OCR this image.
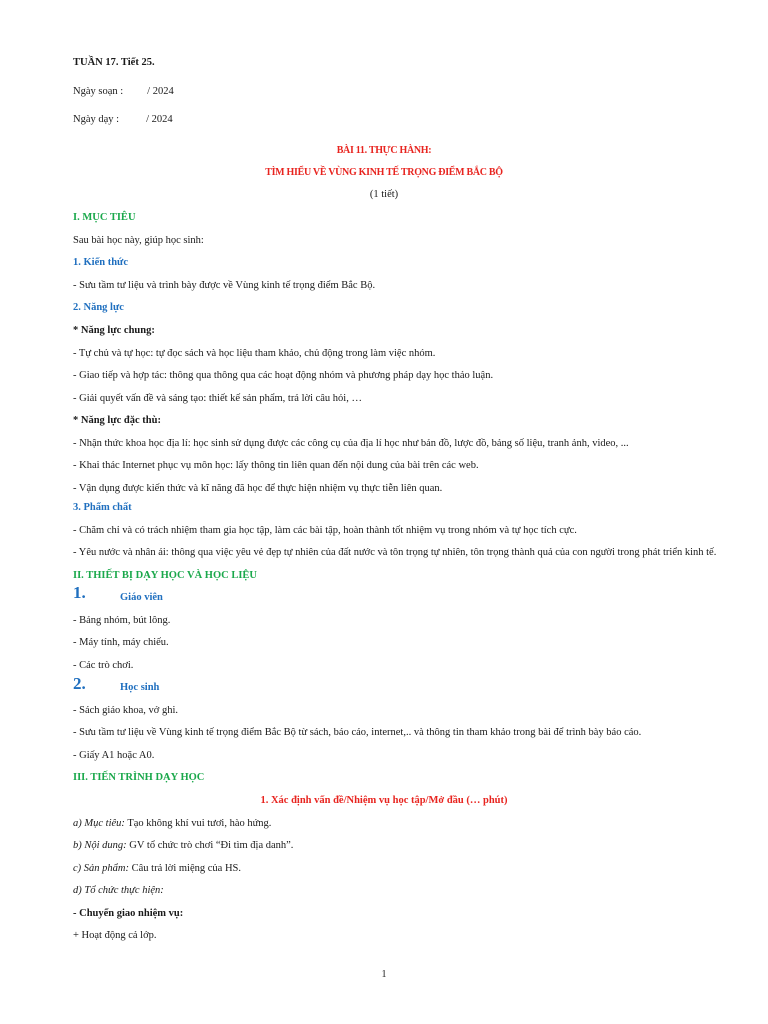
TUẦN 17. Tiết 25.
Ngày soạn : / 2024
Ngày dạy :	/ 2024
BÀI 11. THỰC HÀNH:
TÌM HIỂU VỀ VÙNG KINH TẾ TRỌNG ĐIỂM BẮC BỘ
(1 tiết)
I. MỤC TIÊU
Sau bài học này, giúp học sinh:
1. Kiến thức
- Sưu tầm tư liệu và trình bày được về Vùng kinh tế trọng điểm Bắc Bộ.
2. Năng lực
* Năng lực chung:
- Tự chủ và tự học: tự đọc sách và học liệu tham khảo, chủ động trong làm việc nhóm.
- Giao tiếp và hợp tác: thông qua thông qua các hoạt động nhóm và phương pháp dạy học thảo luận.
- Giải quyết vấn đề và sáng tạo: thiết kế sản phẩm, trả lời câu hỏi, …
* Năng lực đặc thù:
- Nhận thức khoa học địa lí: học sinh sử dụng được các công cụ của địa lí học như bản đồ, lược đồ, bảng số liệu, tranh ảnh, video, ...
- Khai thác Internet phục vụ môn học: lấy thông tin liên quan đến nội dung của bài trên các web.
- Vận dụng được kiến thức và kĩ năng đã học để thực hiện nhiệm vụ thực tiễn liên quan.
3. Phẩm chất
- Chăm chỉ và có trách nhiệm tham gia học tập, làm các bài tập, hoàn thành tốt nhiệm vụ trong nhóm và tự học tích cực.
- Yêu nước và nhân ái: thông qua việc yêu vẻ đẹp tự nhiên của đất nước và tôn trọng tự nhiên, tôn trọng thành quả của con người trong phát triển kinh tế.
II. THIẾT BỊ DẠY HỌC VÀ HỌC LIỆU
1.	Giáo viên
- Bảng nhóm, bút lông.
- Máy tính, máy chiếu.
- Các trò chơi.
2.	Học sinh
- Sách giáo khoa, vở ghi.
- Sưu tầm tư liệu về Vùng kinh tế trọng điểm Bắc Bộ từ sách, báo cáo, internet,.. và thông tin tham khảo trong bài để trình bày báo cáo.
- Giấy A1 hoặc A0.
III. TIẾN TRÌNH DẠY HỌC
1. Xác định vấn đề/Nhiệm vụ học tập/Mở đầu (… phút)
a) Mục tiêu: Tạo không khí vui tươi, hào hứng.
b) Nội dung: GV tổ chức trò chơi “Đi tìm địa danh”.
c) Sản phẩm: Câu trả lời miệng của HS.
d) Tổ chức thực hiện:
- Chuyển giao nhiệm vụ:
+ Hoạt động cả lớp.
1
